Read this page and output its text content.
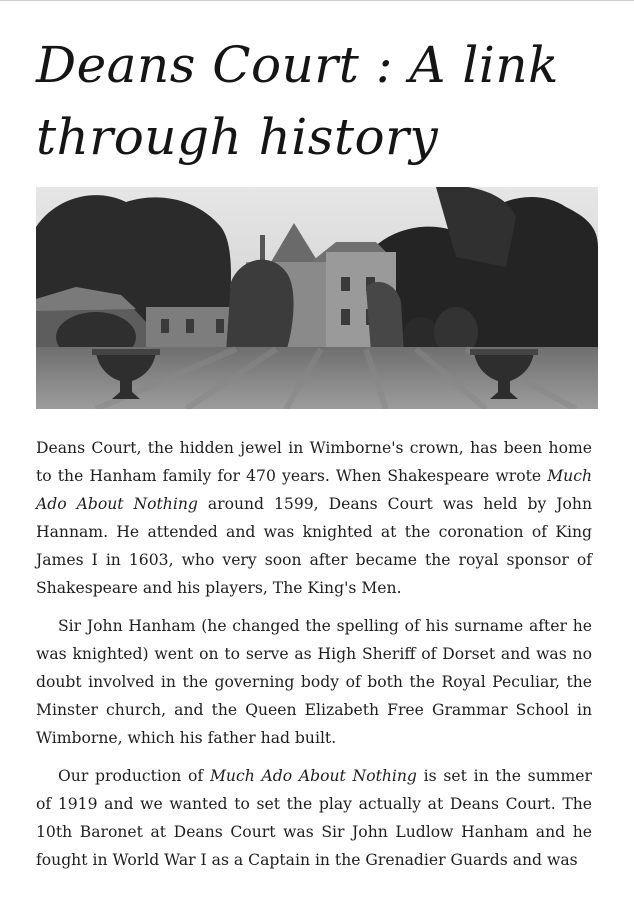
Deans Court : A link through history

Deans Court, the hidden jewel in Wimborne's crown, has been home to the Hanham family for 470 years. When Shakespeare wrote Much Ado About Nothing around 1599, Deans Court was held by John Hannam. He attended and was knighted at the coronation of King James I in 1603, who very soon after became the royal sponsor of Shakespeare and his players, The King's Men.

Sir John Hanham (he changed the spelling of his surname after he was knighted) went on to serve as High Sheriff of Dorset and was no doubt involved in the governing body of both the Royal Peculiar, the Minster church, and the Queen Elizabeth Free Grammar School in Wimborne, which his father had built.

Our production of Much Ado About Nothing is set in the summer of 1919 and we wanted to set the play actually at Deans Court. The 10th Baronet at Deans Court was Sir John Ludlow Hanham and he fought in World War I as a Captain in the Grenadier Guards and was
